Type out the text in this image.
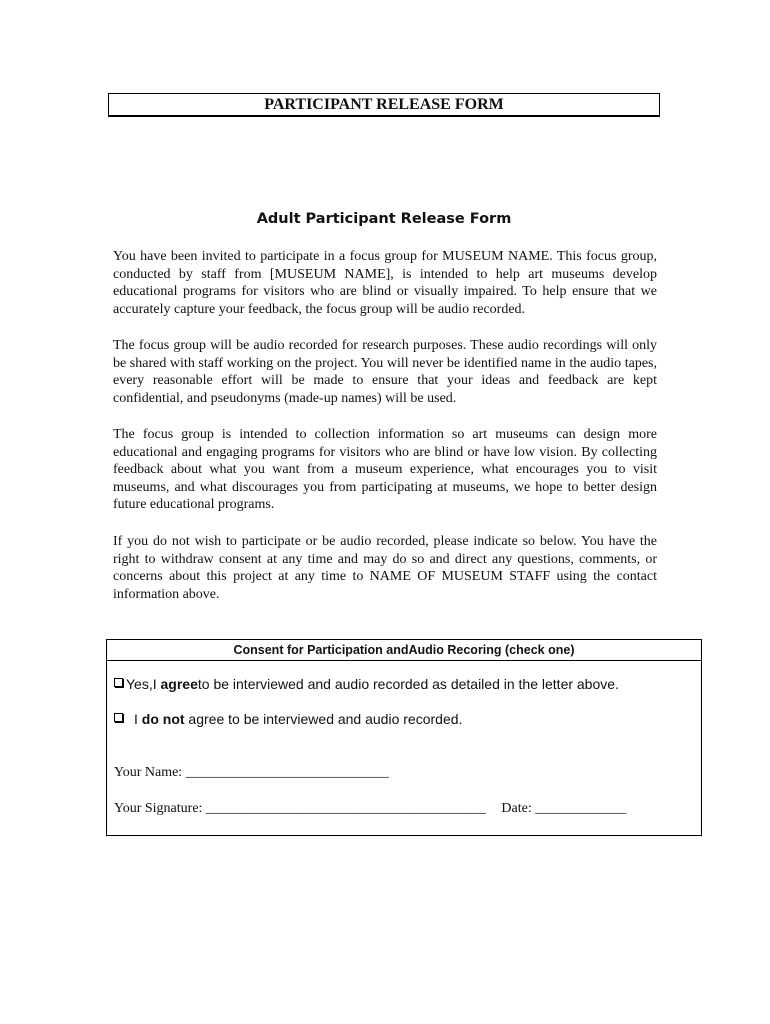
PARTICIPANT RELEASE FORM
Adult Participant Release Form

You have been invited to participate in a focus group for MUSEUM NAME. This focus group, conducted by staff from [MUSEUM NAME], is intended to help art museums develop educational programs for visitors who are blind or visually impaired. To help ensure that we accurately capture your feedback, the focus group will be audio recorded.

The focus group will be audio recorded for research purposes. These audio recordings will only be shared with staff working on the project. You will never be identified name in the audio tapes, every reasonable effort will be made to ensure that your ideas and feedback are kept confidential, and pseudonyms (made-up names) will be used.

The focus group is intended to collection information so art museums can design more educational and engaging programs for visitors who are blind or have low vision. By collecting feedback about what you want from a museum experience, what encourages you to visit museums, and what discourages you from participating at museums, we hope to better design future educational programs.

If you do not wish to participate or be audio recorded, please indicate so below. You have the right to withdraw consent at any time and may do so and direct any questions, comments, or concerns about this project at any time to NAME OF MUSEUM STAFF using the contact information above.

Consent for Participation andAudio Recoring (check one)
Yes,I agreeto be interviewed and audio recorded as detailed in the letter above.
I do not agree to be interviewed and audio recorded.
Your Name: _____________________________
Your Signature: ________________________________________ Date: _____________
